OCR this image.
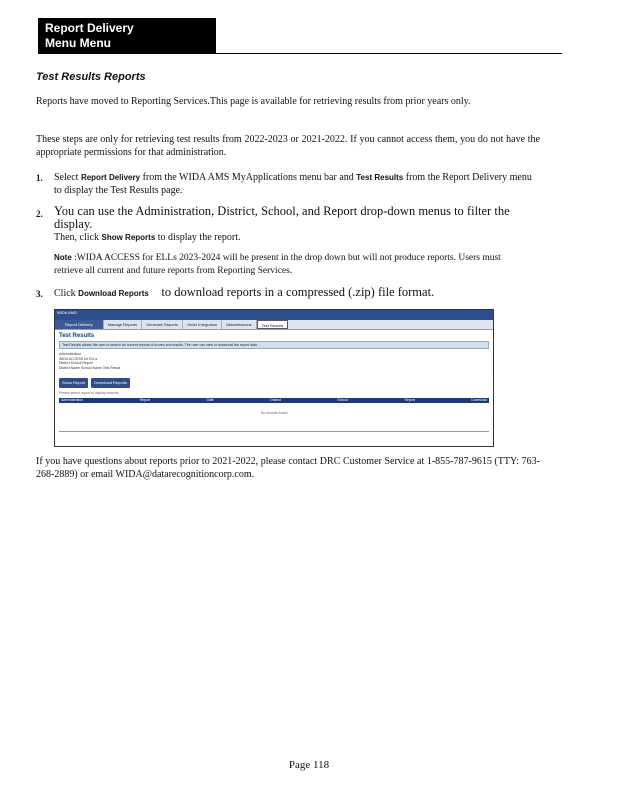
Report Delivery
Menu Menu
Test Results Reports
Reports have moved to Reporting Services.This page is available for retrieving results from prior years only.
These steps are only for retrieving test results from 2022-2023 or 2021-2022. If you cannot access them, you do not have the appropriate permissions for that administration.
1. Select Report Delivery from the WIDA AMS MyApplications menu bar and Test Results from the Report Delivery menu to display the Test Results page.
2. You can use the Administration, District, School, and Report drop-down menus to filter the display.
Then, click Show Reports to display the report.
Note :WIDA ACCESS for ELLs 2023-2024 will be present in the drop down but will not produce reports. Users must retrieve all current and future reports from Reporting Services.
3. Click Download Reports to download reports in a compressed (.zip) file format.
WIDA AMS
Report Delivery	Manage Reports	Generate Reports	Order Integration	Miscellaneous	Test Results
Test Results
Test Results allows the user to search for current reports of scores and results. The user can view or download the report data.
Administration
WIDA ACCESS for ELLs
District School Report
District Name School Name Test Result
Show Report	Download Reports
Please select report to display records
Administration	Report	Date	District	School	Report	Download
No records found
If you have questions about reports prior to 2021-2022, please contact DRC Customer Service at 1-855-787-9615 (TTY: 763-268-2889) or email WIDA@datarecognitioncorp.com.
Page 118
